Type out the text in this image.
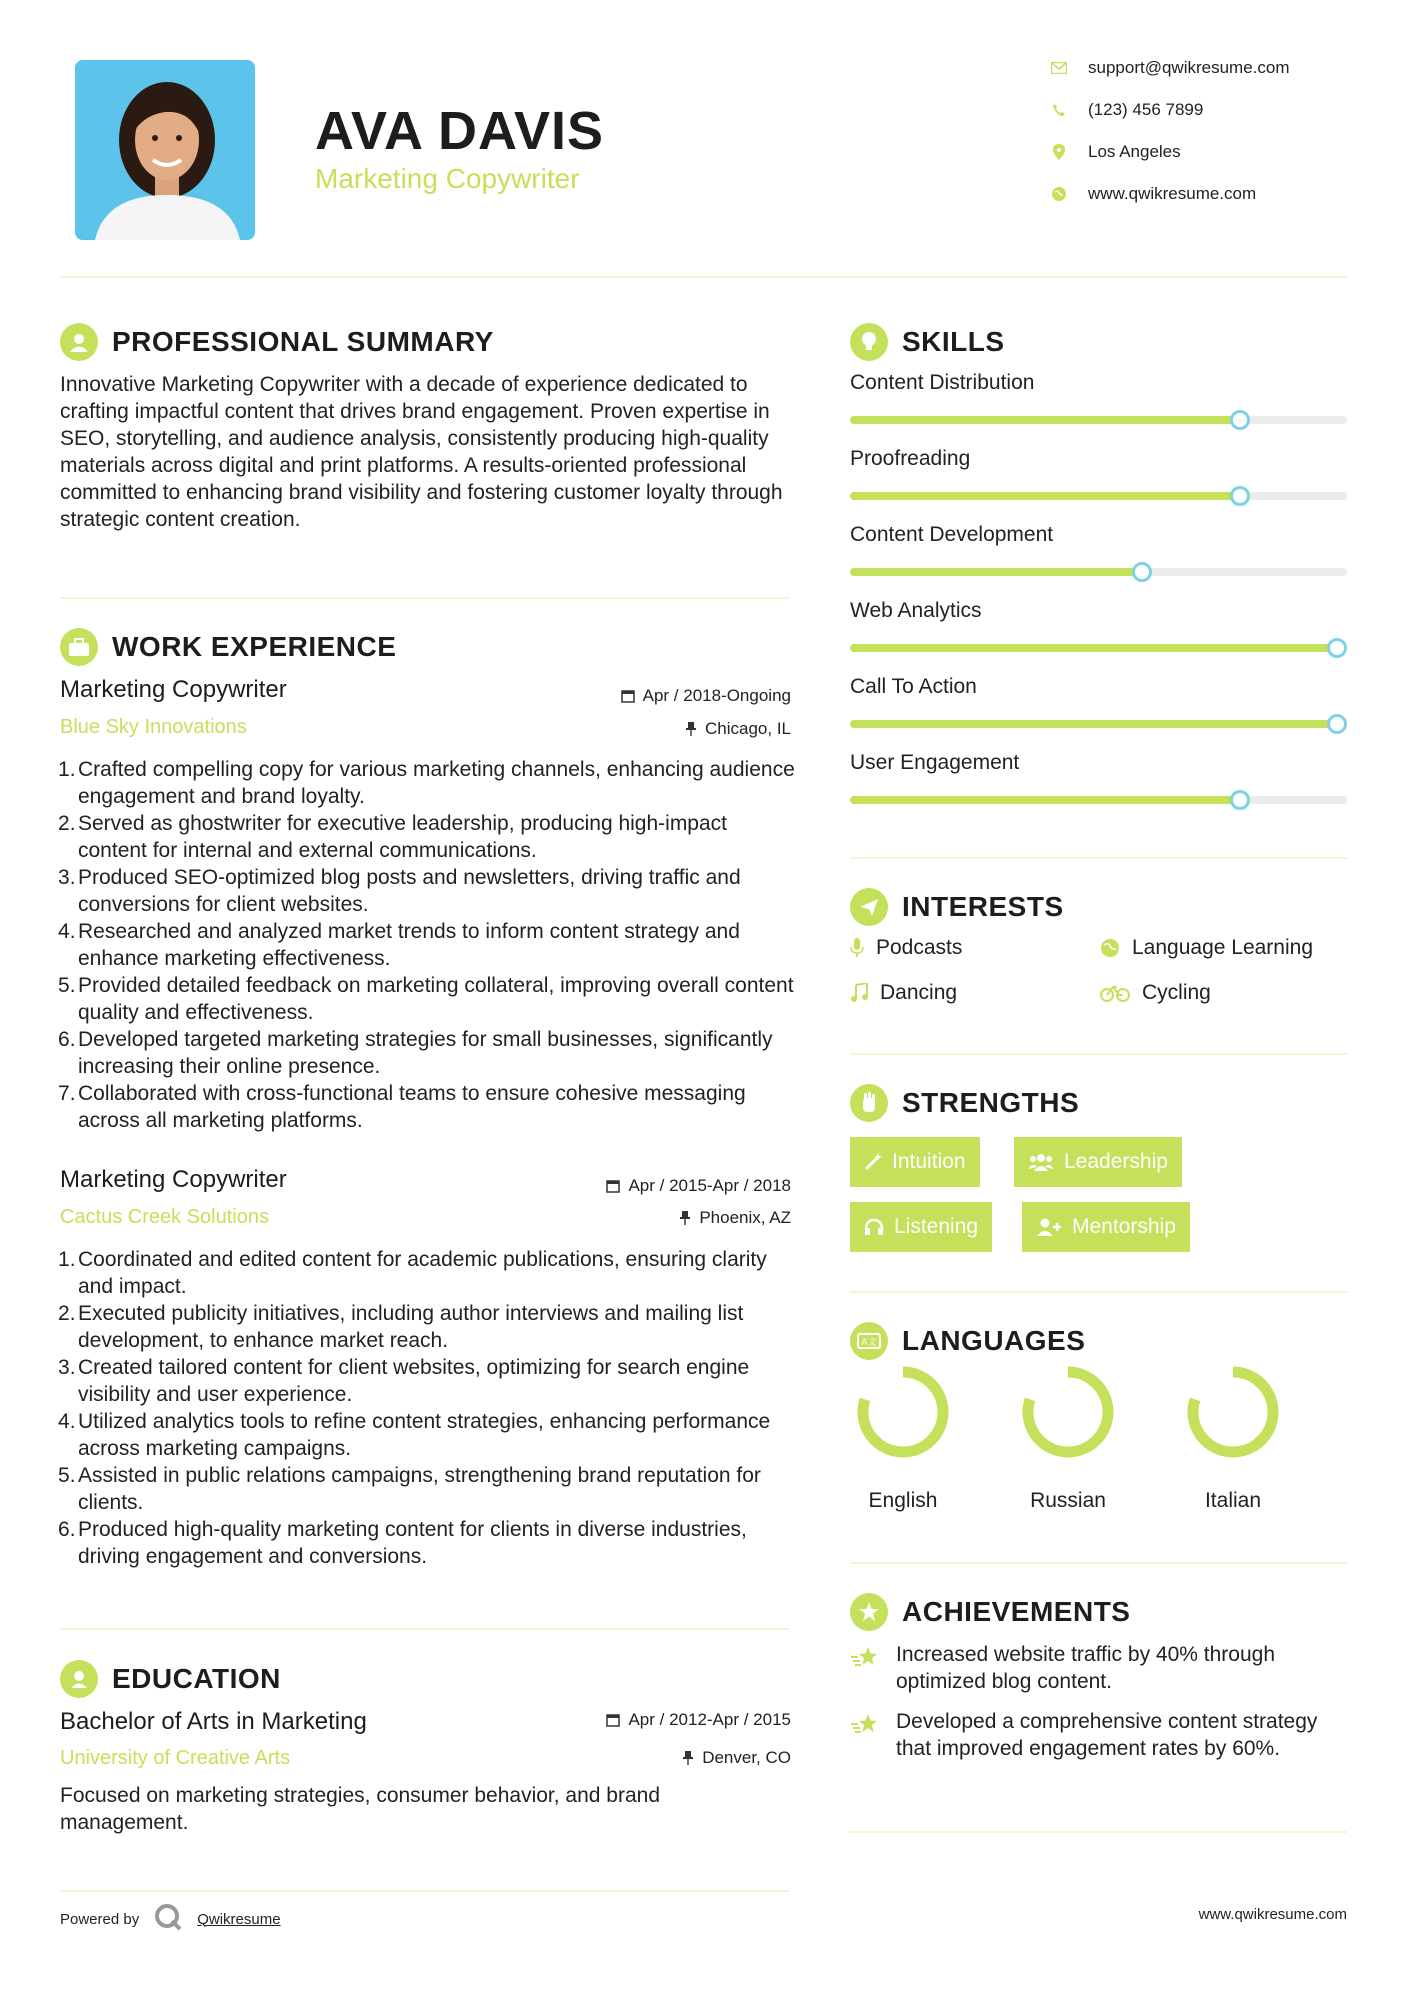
AVA DAVIS
Marketing Copywriter
support@qwikresume.com
(123) 456 7899
Los Angeles
www.qwikresume.com
PROFESSIONAL SUMMARY
Innovative Marketing Copywriter with a decade of experience dedicated to crafting impactful content that drives brand engagement. Proven expertise in SEO, storytelling, and audience analysis, consistently producing high-quality materials across digital and print platforms. A results-oriented professional committed to enhancing brand visibility and fostering customer loyalty through strategic content creation.
WORK EXPERIENCE
Marketing Copywriter	Apr / 2018-Ongoing
Blue Sky Innovations	Chicago, IL
Crafted compelling copy for various marketing channels, enhancing audience engagement and brand loyalty.
Served as ghostwriter for executive leadership, producing high-impact content for internal and external communications.
Produced SEO-optimized blog posts and newsletters, driving traffic and conversions for client websites.
Researched and analyzed market trends to inform content strategy and enhance marketing effectiveness.
Provided detailed feedback on marketing collateral, improving overall content quality and effectiveness.
Developed targeted marketing strategies for small businesses, significantly increasing their online presence.
Collaborated with cross-functional teams to ensure cohesive messaging across all marketing platforms.
Marketing Copywriter	Apr / 2015-Apr / 2018
Cactus Creek Solutions	Phoenix, AZ
Coordinated and edited content for academic publications, ensuring clarity and impact.
Executed publicity initiatives, including author interviews and mailing list development, to enhance market reach.
Created tailored content for client websites, optimizing for search engine visibility and user experience.
Utilized analytics tools to refine content strategies, enhancing performance across marketing campaigns.
Assisted in public relations campaigns, strengthening brand reputation for clients.
Produced high-quality marketing content for clients in diverse industries, driving engagement and conversions.
EDUCATION
Bachelor of Arts in Marketing	Apr / 2012-Apr / 2015
University of Creative Arts	Denver, CO
Focused on marketing strategies, consumer behavior, and brand management.
SKILLS
Content Distribution
Proofreading
Content Development
Web Analytics
Call To Action
User Engagement
INTERESTS
Podcasts	Language Learning
Dancing	Cycling
STRENGTHS
Intuition	Leadership
Listening	Mentorship
A文 LANGUAGES
English	Russian	Italian
ACHIEVEMENTS
Increased website traffic by 40% through optimized blog content.
Developed a comprehensive content strategy that improved engagement rates by 60%.
Powered by	Qwikresume	www.qwikresume.com
